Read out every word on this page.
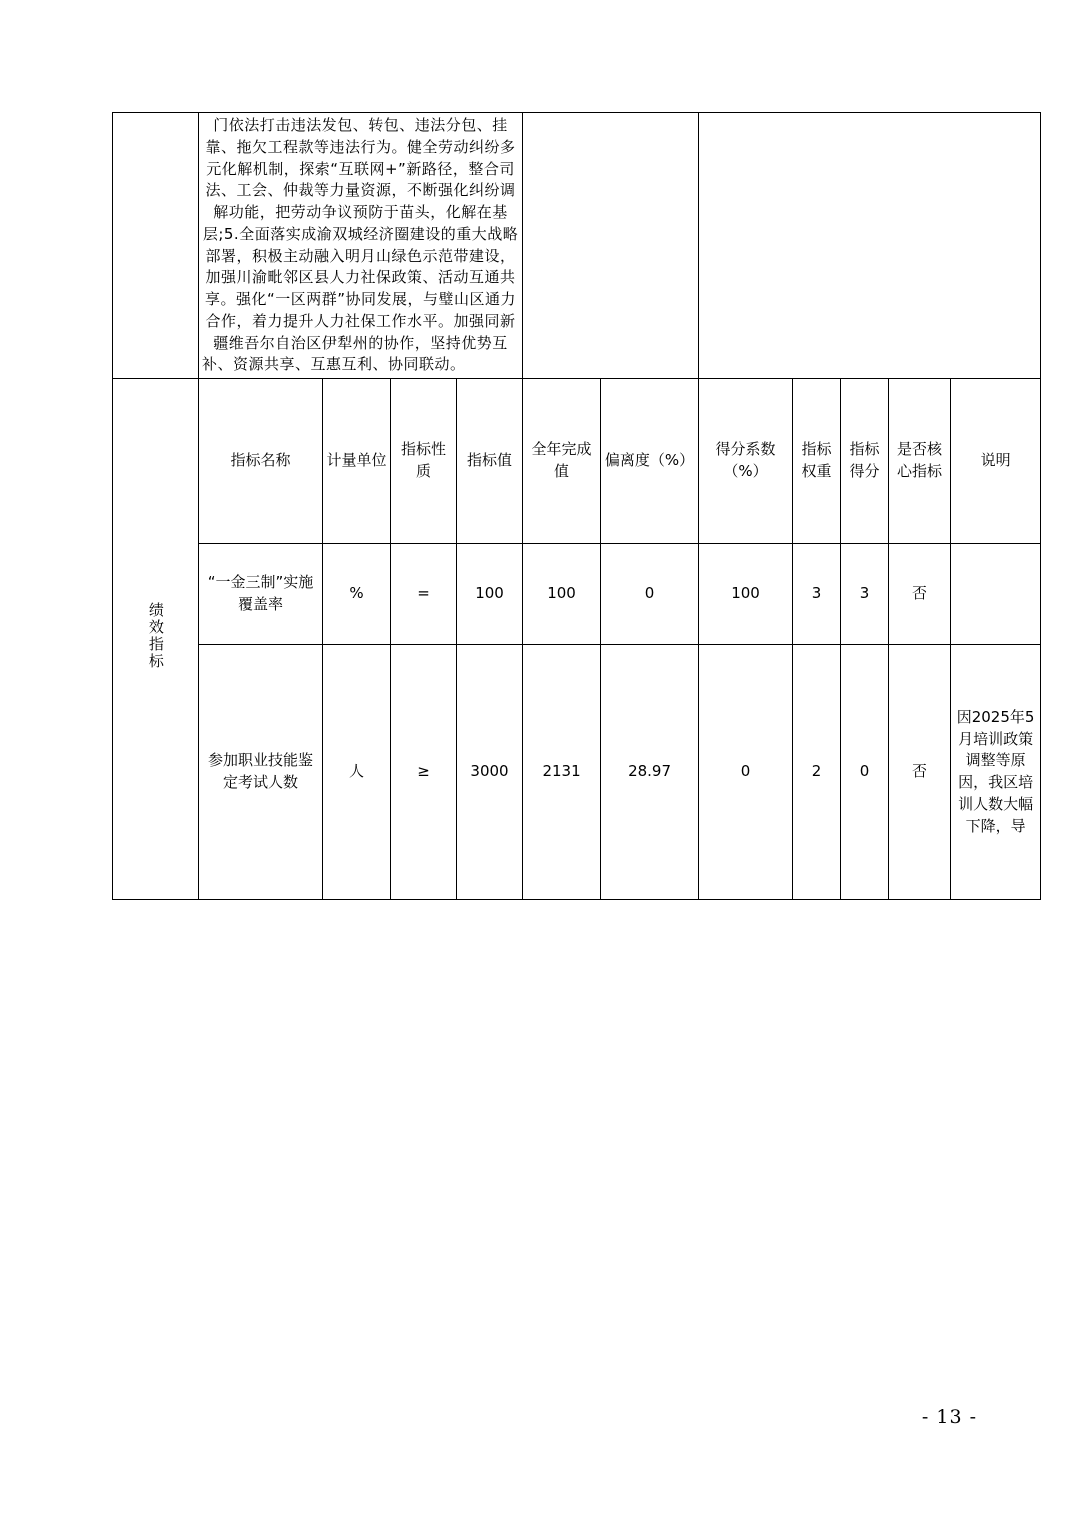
	门依法打击违法发包、转包、违法分包、挂靠、拖欠工程款等违法行为。健全劳动纠纷多元化解机制，探索“互联网+”新路径，整合司法、工会、仲裁等力量资源，不断强化纠纷调解功能，把劳动争议预防于苗头，化解在基层;5.全面落实成渝双城经济圈建设的重大战略部署，积极主动融入明月山绿色示范带建设，加强川渝毗邻区县人力社保政策、活动互通共享。强化“一区两群”协同发展，与璧山区通力合作，着力提升人力社保工作水平。加强同新疆维吾尔自治区伊犁州的协作，坚持优势互补、资源共享、互惠互利、协同联动。										
绩效指标	指标名称	计量单位	指标性质	指标值	全年完成值	偏离度（%）	得分系数（%）	指标权重	指标得分	是否核心指标	说明
	“一金三制”实施覆盖率	%	=	100	100	0	100	3	3	否	
	参加职业技能鉴定考试人数	人	≥	3000	2131	28.97	0	2	0	否	因2025年5月培训政策调整等原因，我区培训人数大幅下降，导
- 13 -
